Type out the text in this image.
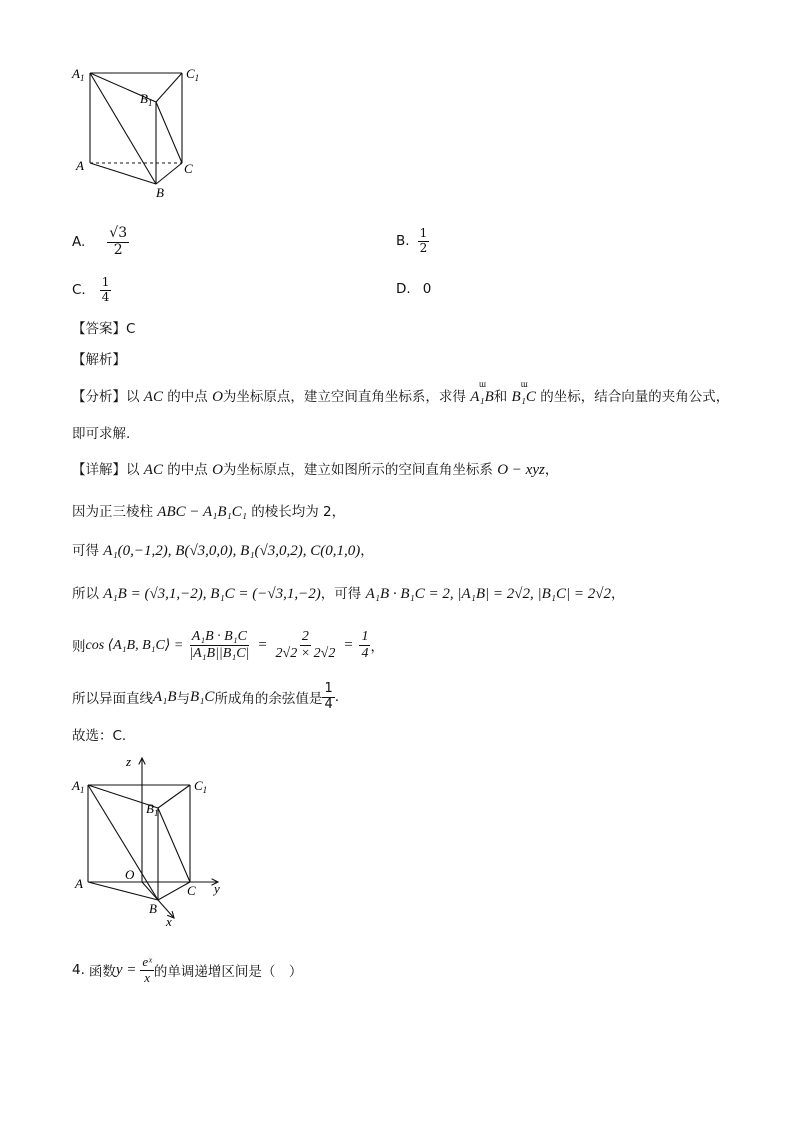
$A_1$	$C_1$
$B_1$
A	C
B
A. $\frac{√3}{2}$	B. $\frac{1}{2}$
C. $\frac{1}{4}$	D. 0
【答案】C
【解析】
【分析】以 AC 的中点 O为坐标原点，建立空间直角坐标系，求得
ɯ
A₁B和
ɯ
B₁C 的坐标，结合向量的夹角公式，
即可求解.
【详解】以 AC 的中点 O为坐标原点，建立如图所示的空间直角坐标系 O − xyz，
因为正三棱柱 ABC − A₁B₁C₁ 的棱长均为 2，
可得 A₁(0,−1,2), B(√3,0,0), B₁(√3,0,2), C(0,1,0)，
所以 A₁B = (√3,1,−2), B₁C = (−√3,1,−2)，可得 A₁B · B₁C = 2, |A₁B| = 2√2, |B₁C| = 2√2，
则 cos ⟨A₁B, B₁C⟩ = $\frac{\text{A₁B · B₁C}}{\text{|A₁B||B₁C|}} = \frac{2}{2√2 \times 2√2} = \frac{1}{4}$ ，
所以异面直线 A₁B 与 B₁C 所成角的余弦值是 $\frac{1}{4}$ .
故选：C.
z
y
x
O
$A_1$	$C_1$
$B_1$
A	C
B
4. 函数 $y = \frac{\text{eˣ}}{x}$ 的单调递增区间是（　）
